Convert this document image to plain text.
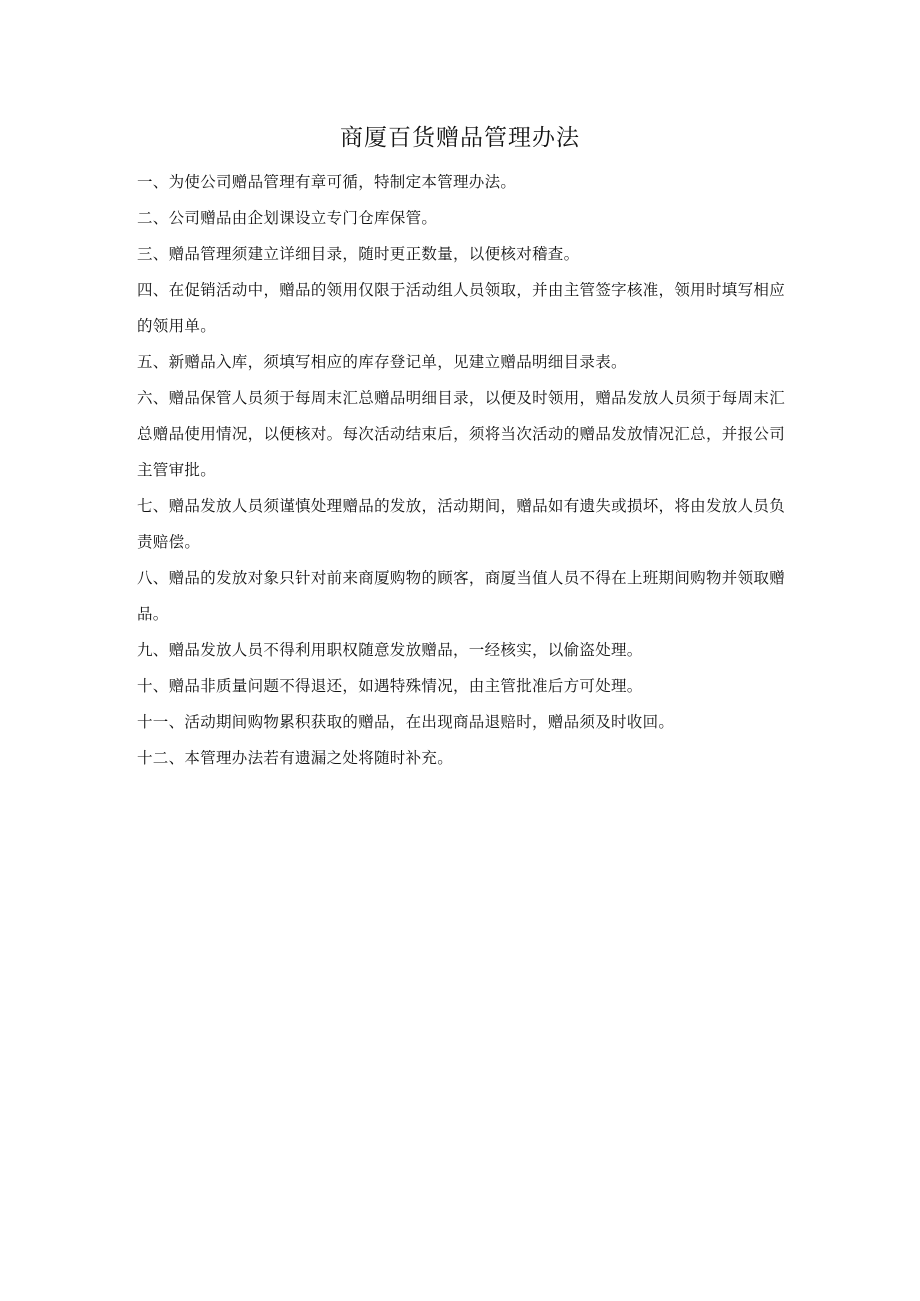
商厦百货赠品管理办法
一、为使公司赠品管理有章可循，特制定本管理办法。
二、公司赠品由企划课设立专门仓库保管。
三、赠品管理须建立详细目录，随时更正数量，以便核对稽查。
四、在促销活动中，赠品的领用仅限于活动组人员领取，并由主管签字核准，领用时填写相应的领用单。
五、新赠品入库，须填写相应的库存登记单，见建立赠品明细目录表。
六、赠品保管人员须于每周末汇总赠品明细目录，以便及时领用，赠品发放人员须于每周末汇总赠品使用情况，以便核对。每次活动结束后，须将当次活动的赠品发放情况汇总，并报公司主管审批。
七、赠品发放人员须谨慎处理赠品的发放，活动期间，赠品如有遗失或损坏，将由发放人员负责赔偿。
八、赠品的发放对象只针对前来商厦购物的顾客，商厦当值人员不得在上班期间购物并领取赠品。
九、赠品发放人员不得利用职权随意发放赠品，一经核实，以偷盗处理。
十、赠品非质量问题不得退还，如遇特殊情况，由主管批准后方可处理。
十一、活动期间购物累积获取的赠品，在出现商品退赔时，赠品须及时收回。
十二、本管理办法若有遗漏之处将随时补充。
